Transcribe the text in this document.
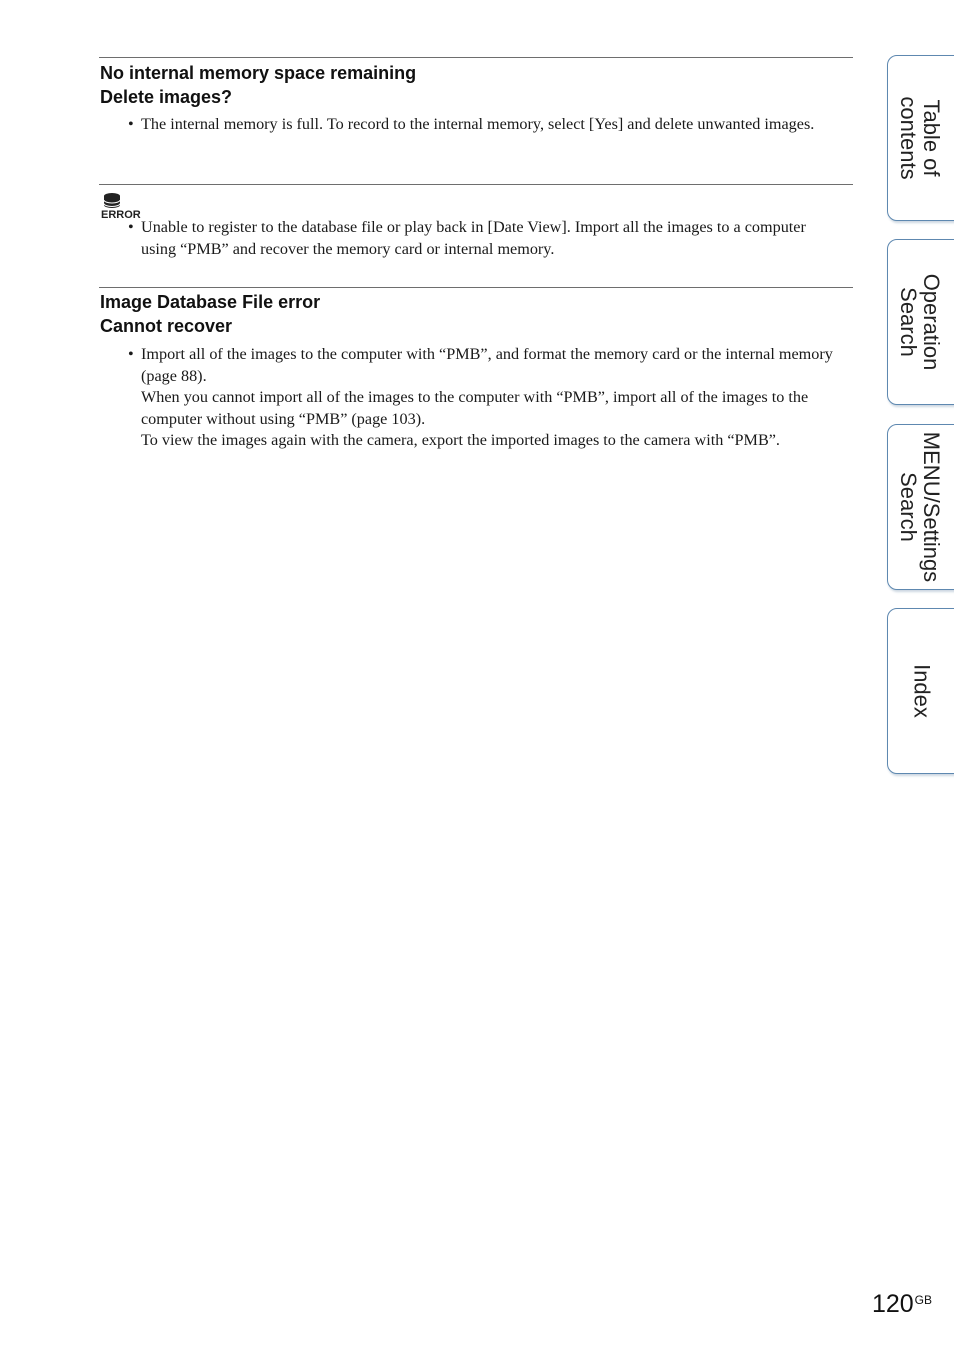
No internal memory space remaining
Delete images?
• The internal memory is full. To record to the internal memory, select [Yes] and delete unwanted images.

ERROR
• Unable to register to the database file or play back in [Date View]. Import all the images to a computer using “PMB” and recover the memory card or internal memory.

Image Database File error
Cannot recover
• Import all of the images to the computer with “PMB”, and format the memory card or the internal memory (page 88).

When you cannot import all of the images to the computer with “PMB”, import all of the images to the computer without using “PMB” (page 103).

To view the images again with the camera, export the imported images to the camera with “PMB”.

Table of
contents
Operation
Search
MENU/Settings
Search
Index
$120^{GB}$
